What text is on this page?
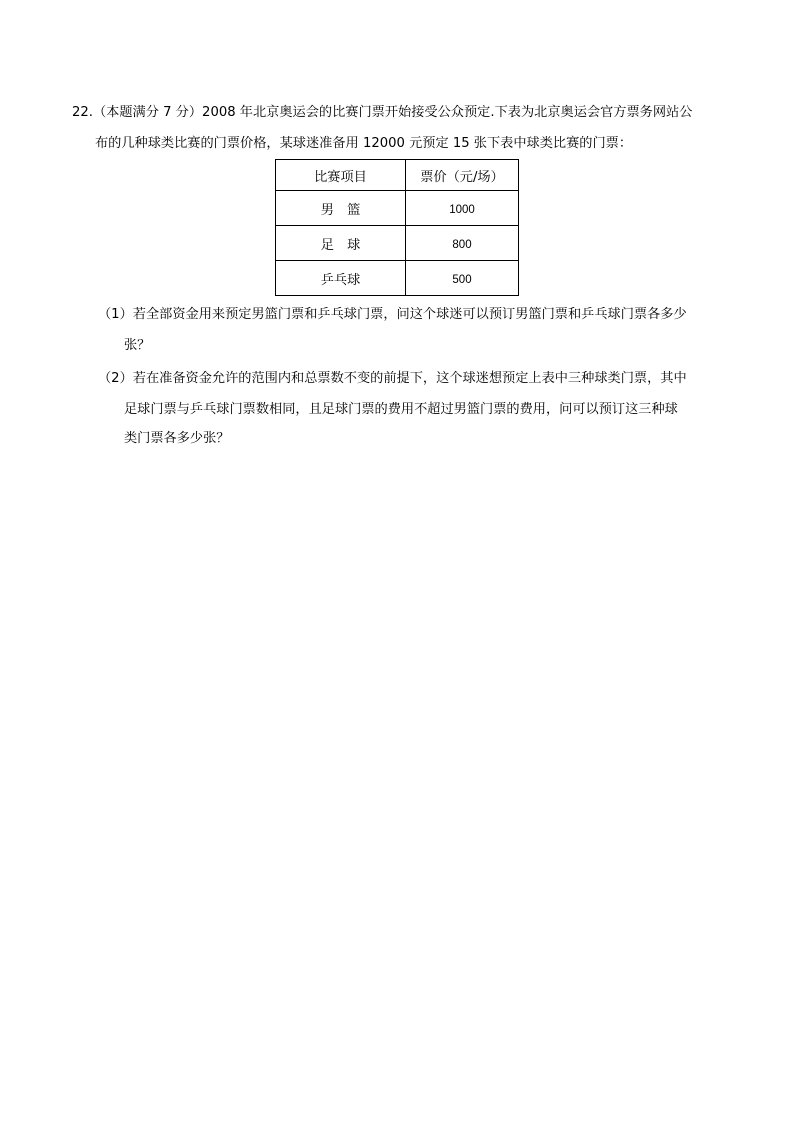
22.（本题满分 7 分）2008 年北京奥运会的比赛门票开始接受公众预定.下表为北京奥运会官方票务网站公
布的几种球类比赛的门票价格，某球迷准备用 12000 元预定 15 张下表中球类比赛的门票：
比赛项目	票价（元/场）
男　篮	1000
足　球	800
乒乓球	500
（1）若全部资金用来预定男篮门票和乒乓球门票，问这个球迷可以预订男篮门票和乒乓球门票各多少
张？
（2）若在准备资金允许的范围内和总票数不变的前提下，这个球迷想预定上表中三种球类门票，其中
足球门票与乒乓球门票数相同，且足球门票的费用不超过男篮门票的费用，问可以预订这三种球
类门票各多少张？
